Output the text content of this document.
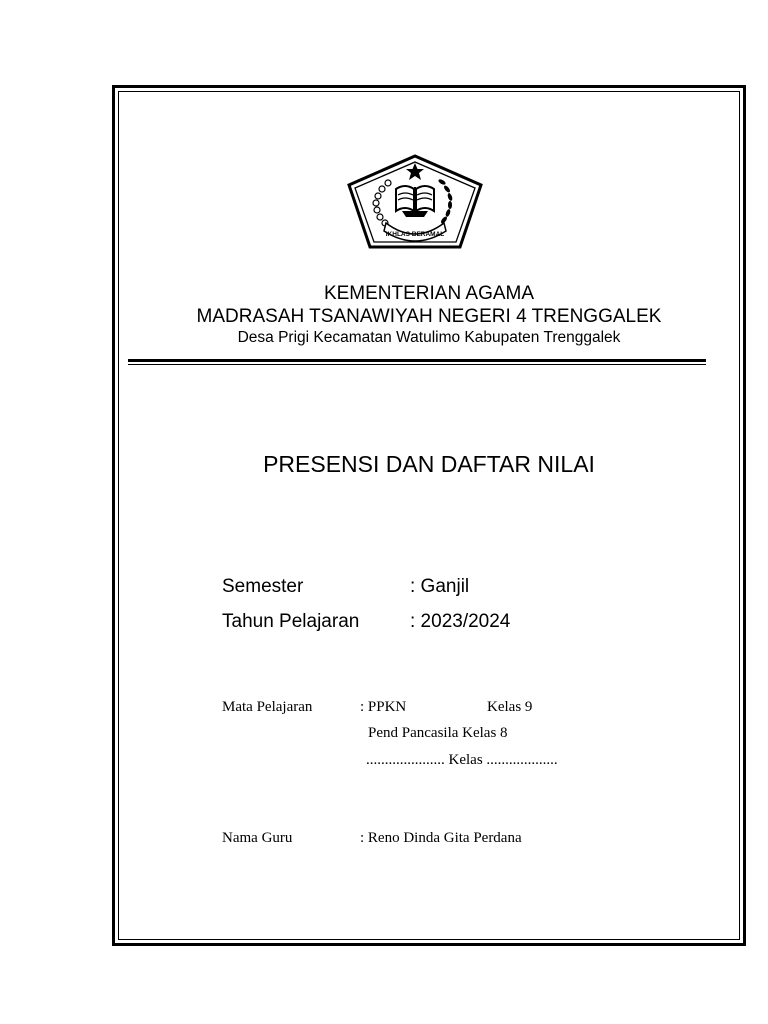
IKHLAS BERAMAL
KEMENTERIAN AGAMA
MADRASAH TSANAWIYAH NEGERI 4 TRENGGALEK
Desa Prigi Kecamatan Watulimo Kabupaten Trenggalek
PRESENSI DAN DAFTAR NILAI
Semester	: Ganjil
Tahun Pelajaran	: 2023/2024
Mata Pelajaran	: PPKN	Kelas 9
Pend Pancasila Kelas 8
..................... Kelas ...................
Nama Guru	: Reno Dinda Gita Perdana
